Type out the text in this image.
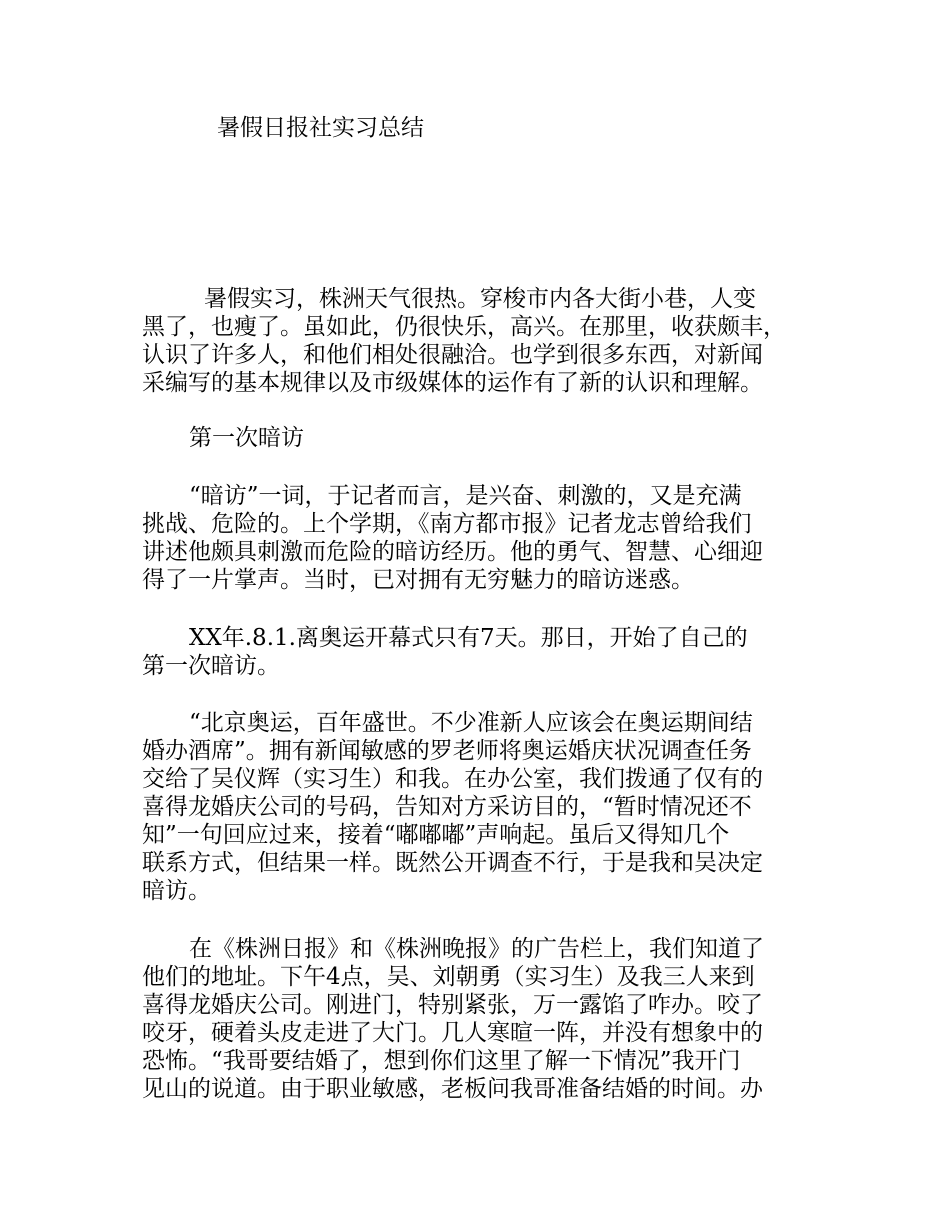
暑假日报社实习总结
暑假实习，株洲天气很热。穿梭市内各大街小巷，人变
黑了，也瘦了。虽如此，仍很快乐，高兴。在那里，收获颇丰，
认识了许多人，和他们相处很融洽。也学到很多东西，对新闻
采编写的基本规律以及市级媒体的运作有了新的认识和理解。
第一次暗访
“暗访”一词，于记者而言，是兴奋、刺激的，又是充满
挑战、危险的。上个学期，《南方都市报》记者龙志曾给我们
讲述他颇具刺激而危险的暗访经历。他的勇气、智慧、心细迎
得了一片掌声。当时，已对拥有无穷魅力的暗访迷惑。
XX年.8.1.离奥运开幕式只有7天。那日，开始了自己的
第一次暗访。
“北京奥运，百年盛世。不少准新人应该会在奥运期间结
婚办酒席”。拥有新闻敏感的罗老师将奥运婚庆状况调查任务
交给了吴仪辉（实习生）和我。在办公室，我们拨通了仅有的
喜得龙婚庆公司的号码，告知对方采访目的，“暂时情况还不
知”一句回应过来，接着“嘟嘟嘟”声响起。虽后又得知几个
联系方式，但结果一样。既然公开调查不行，于是我和吴决定
暗访。
在《株洲日报》和《株洲晚报》的广告栏上，我们知道了
他们的地址。下午4点，吴、刘朝勇（实习生）及我三人来到
喜得龙婚庆公司。刚进门，特别紧张，万一露馅了咋办。咬了
咬牙，硬着头皮走进了大门。几人寒暄一阵，并没有想象中的
恐怖。“我哥要结婚了，想到你们这里了解一下情况”我开门
见山的说道。由于职业敏感，老板问我哥准备结婚的时间。办
